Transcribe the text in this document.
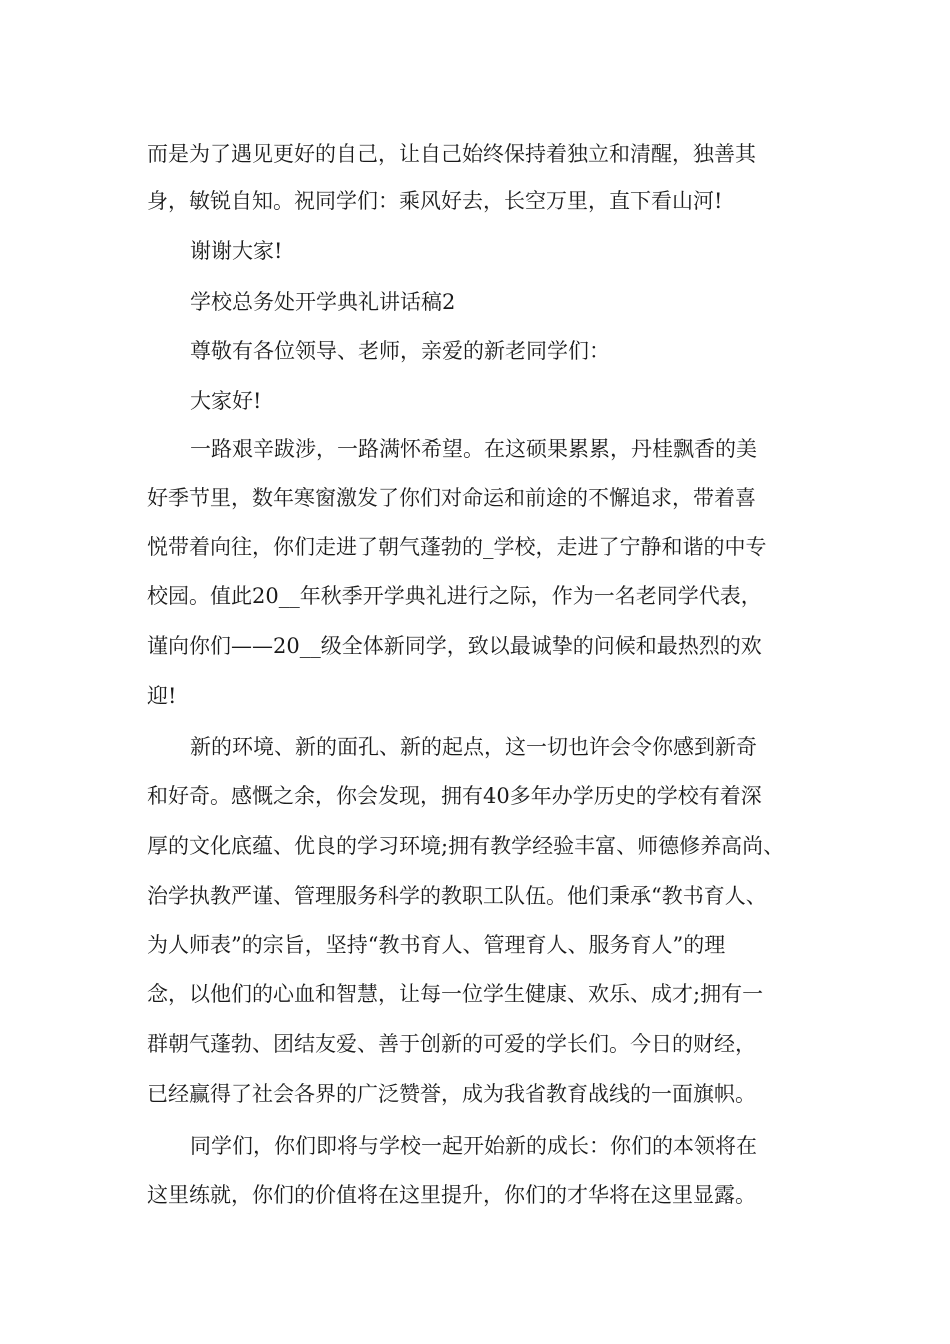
而是为了遇见更好的自己，让自己始终保持着独立和清醒，独善其

身，敏锐自知。祝同学们：乘风好去，长空万里，直下看山河!

谢谢大家!

学校总务处开学典礼讲话稿2

尊敬有各位领导、老师，亲爱的新老同学们：

大家好!

一路艰辛跋涉，一路满怀希望。在这硕果累累，丹桂飘香的美

好季节里，数年寒窗激发了你们对命运和前途的不懈追求，带着喜

悦带着向往，你们走进了朝气蓬勃的_学校，走进了宁静和谐的中专

校园。值此20__年秋季开学典礼进行之际，作为一名老同学代表，

谨向你们——20__级全体新同学，致以最诚挚的问候和最热烈的欢

迎!

新的环境、新的面孔、新的起点，这一切也许会令你感到新奇

和好奇。感慨之余，你会发现，拥有40多年办学历史的学校有着深

厚的文化底蕴、优良的学习环境;拥有教学经验丰富、师德修养高尚、

治学执教严谨、管理服务科学的教职工队伍。他们秉承“教书育人、

为人师表”的宗旨，坚持“教书育人、管理育人、服务育人”的理

念，以他们的心血和智慧，让每一位学生健康、欢乐、成才;拥有一

群朝气蓬勃、团结友爱、善于创新的可爱的学长们。今日的财经，

已经赢得了社会各界的广泛赞誉，成为我省教育战线的一面旗帜。

同学们，你们即将与学校一起开始新的成长：你们的本领将在

这里练就，你们的价值将在这里提升，你们的才华将在这里显露。
